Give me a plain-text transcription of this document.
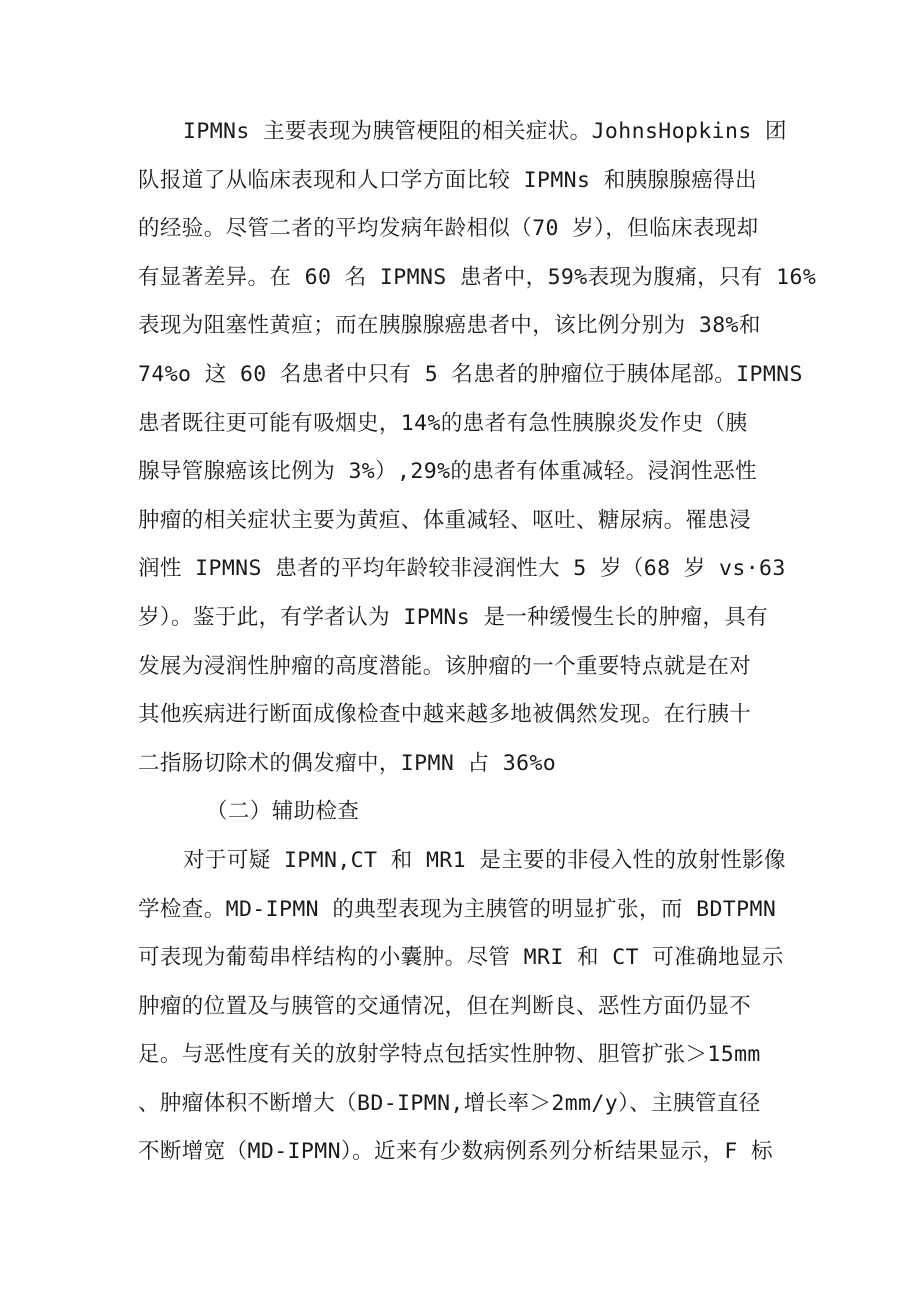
IPMNs 主要表现为胰管梗阻的相关症状。JohnsHopkins 团
队报道了从临床表现和人口学方面比较 IPMNs 和胰腺腺癌得出
的经验。尽管二者的平均发病年龄相似（70 岁），但临床表现却
有显著差异。在 60 名 IPMNS 患者中，59%表现为腹痛，只有 16%
表现为阻塞性黄疸；而在胰腺腺癌患者中，该比例分别为 38%和
74%o 这 60 名患者中只有 5 名患者的肿瘤位于胰体尾部。IPMNS
患者既往更可能有吸烟史，14%的患者有急性胰腺炎发作史（胰
腺导管腺癌该比例为 3%）,29%的患者有体重减轻。浸润性恶性
肿瘤的相关症状主要为黄疸、体重减轻、呕吐、糖尿病。罹患浸
润性 IPMNS 患者的平均年龄较非浸润性大 5 岁（68 岁 vs·63
岁）。鉴于此，有学者认为 IPMNs 是一种缓慢生长的肿瘤，具有
发展为浸润性肿瘤的高度潜能。该肿瘤的一个重要特点就是在对
其他疾病进行断面成像检查中越来越多地被偶然发现。在行胰十
二指肠切除术的偶发瘤中，IPMN 占 36%o
（二）辅助检查
对于可疑 IPMN,CT 和 MR1 是主要的非侵入性的放射性影像
学检查。MD-IPMN 的典型表现为主胰管的明显扩张，而 BDTPMN
可表现为葡萄串样结构的小囊肿。尽管 MRI 和 CT 可准确地显示
肿瘤的位置及与胰管的交通情况，但在判断良、恶性方面仍显不
足。与恶性度有关的放射学特点包括实性肿物、胆管扩张＞15mm
、肿瘤体积不断增大（BD-IPMN,增长率＞2mm/y）、主胰管直径
不断增宽（MD-IPMN）。近来有少数病例系列分析结果显示，F 标
